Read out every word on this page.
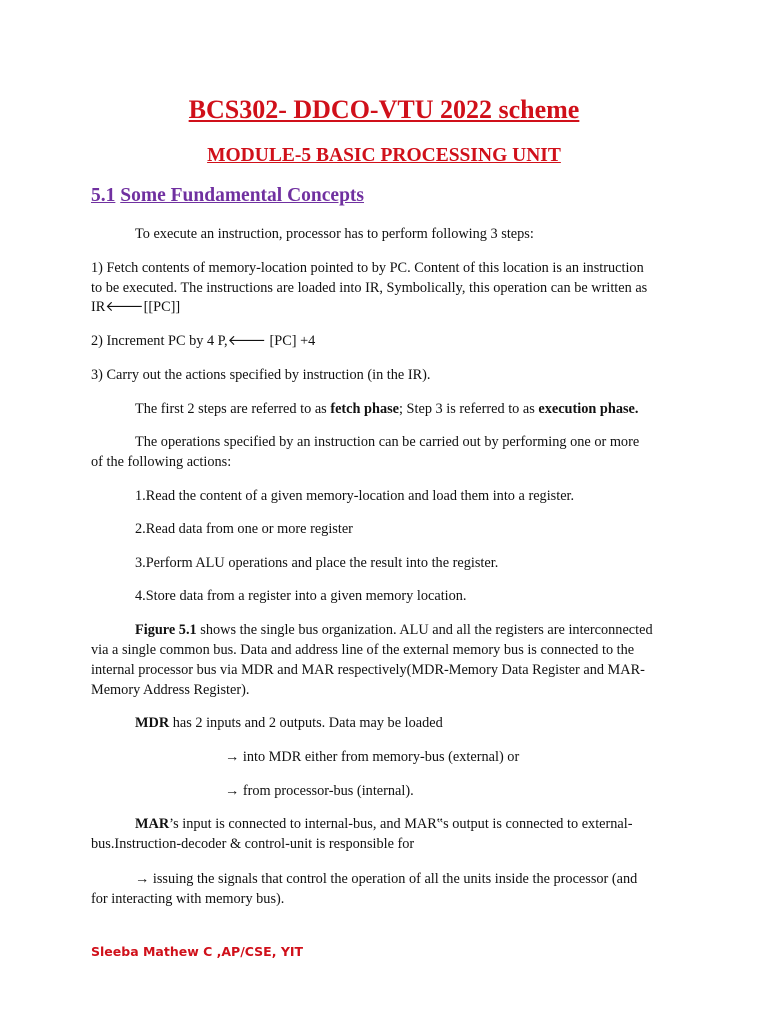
BCS302- DDCO-VTU 2022 scheme
MODULE-5 BASIC PROCESSING UNIT
5.1 Some Fundamental Concepts
To execute an instruction, processor has to perform following 3 steps:
1) Fetch contents of memory-location pointed to by PC. Content of this location is an instruction
to be executed. The instructions are loaded into IR, Symbolically, this operation can be written as
IR🡐[[PC]]
2) Increment PC by 4 P,🡐 [PC] +4
3) Carry out the actions specified by instruction (in the IR).
The first 2 steps are referred to as fetch phase; Step 3 is referred to as execution phase.
The operations specified by an instruction can be carried out by performing one or more
of the following actions:
1.Read the content of a given memory-location and load them into a register.
2.Read data from one or more register
3.Perform ALU operations and place the result into the register.
4.Store data from a register into a given memory location.
Figure 5.1 shows the single bus organization. ALU and all the registers are interconnected
via a single common bus. Data and address line of the external memory bus is connected to the
internal processor bus via MDR and MAR respectively(MDR-Memory Data Register and MAR-
Memory Address Register).
MDR has 2 inputs and 2 outputs. Data may be loaded
→ into MDR either from memory-bus (external) or
→ from processor-bus (internal).
MAR’s input is connected to internal-bus, and MAR‟s output is connected to external-
bus.Instruction-decoder & control-unit is responsible for
→ issuing the signals that control the operation of all the units inside the processor (and
for interacting with memory bus).
Sleeba Mathew C ,AP/CSE, YIT
